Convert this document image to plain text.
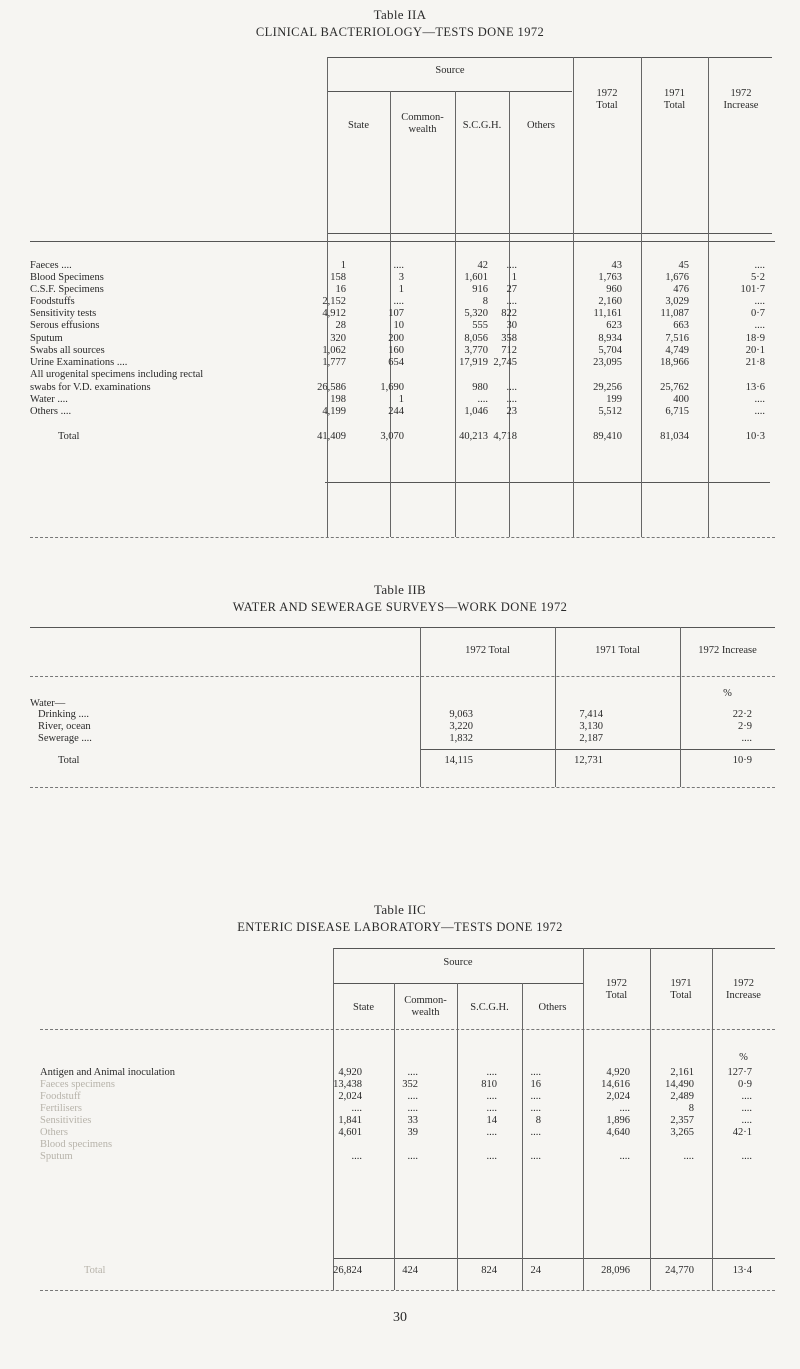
Table IIA
CLINICAL BACTERIOLOGY—TESTS DONE 1972
Source
State
Common-
wealth	S.C.G.H.	Others
1972
Total
1971
Total
1972
Increase
Faeces ....	1	....	42	....	43	45	....
Blood Specimens	158	3	1,601	1	1,763	1,676	5·2
C.S.F. Specimens	16	1	916	27	960	476	101·7
Foodstuffs	2,152	....	8	....	2,160	3,029	....
Sensitivity tests	4,912	107	5,320	822	11,161	11,087	0·7
Serous effusions	28	10	555	30	623	663	....
Sputum	320	200	8,056	358	8,934	7,516	18·9
Swabs all sources	1,062	160	3,770	712	5,704	4,749	20·1
Urine Examinations ....	1,777	654	17,919 2,745	23,095	18,966	21·8
All urogenital specimens including rectal
swabs for V.D. examinations	26,586	1,690	980	....	29,256	25,762	13·6
Water ....	198	1	....	....	199	400	....
Others ....	4,199	244	1,046	23	5,512	6,715	....
Total	41,409	3,070	40,213 4,718	89,410	81,034	10·3
Table IIB
WATER AND SEWERAGE SURVEYS—WORK DONE 1972
1972 Total	1971 Total	1972 Increase
%
Water—
Drinking ....	9,063	7,414	22·2
River, ocean	3,220	3,130	2·9
Sewerage ....	1,832	2,187	....
Total	14,115	12,731	10·9
Table IIC
ENTERIC DISEASE LABORATORY—TESTS DONE 1972
Source
State
Common-
wealth	S.C.G.H.	Others
1972
Total
1971
Total
1972
Increase
%
Antigen and Animal inoculation	4,920	....	....	....	4,920	2,161	127·7
Faeces specimens	13,438	352	810	16	14,616	14,490	0·9
Foodstuff	2,024	....	....	....	2,024	2,489	....
Fertilisers	....	....	....	....	....	8	....
Sensitivities	1,841	33	14	8	1,896	2,357	....
Others	4,601	39	....	....	4,640	3,265	42·1
Blood specimens
Sputum	....	....	....	....	....	....	....
Total	26,824	424	824	24	28,096	24,770	13·4
30
